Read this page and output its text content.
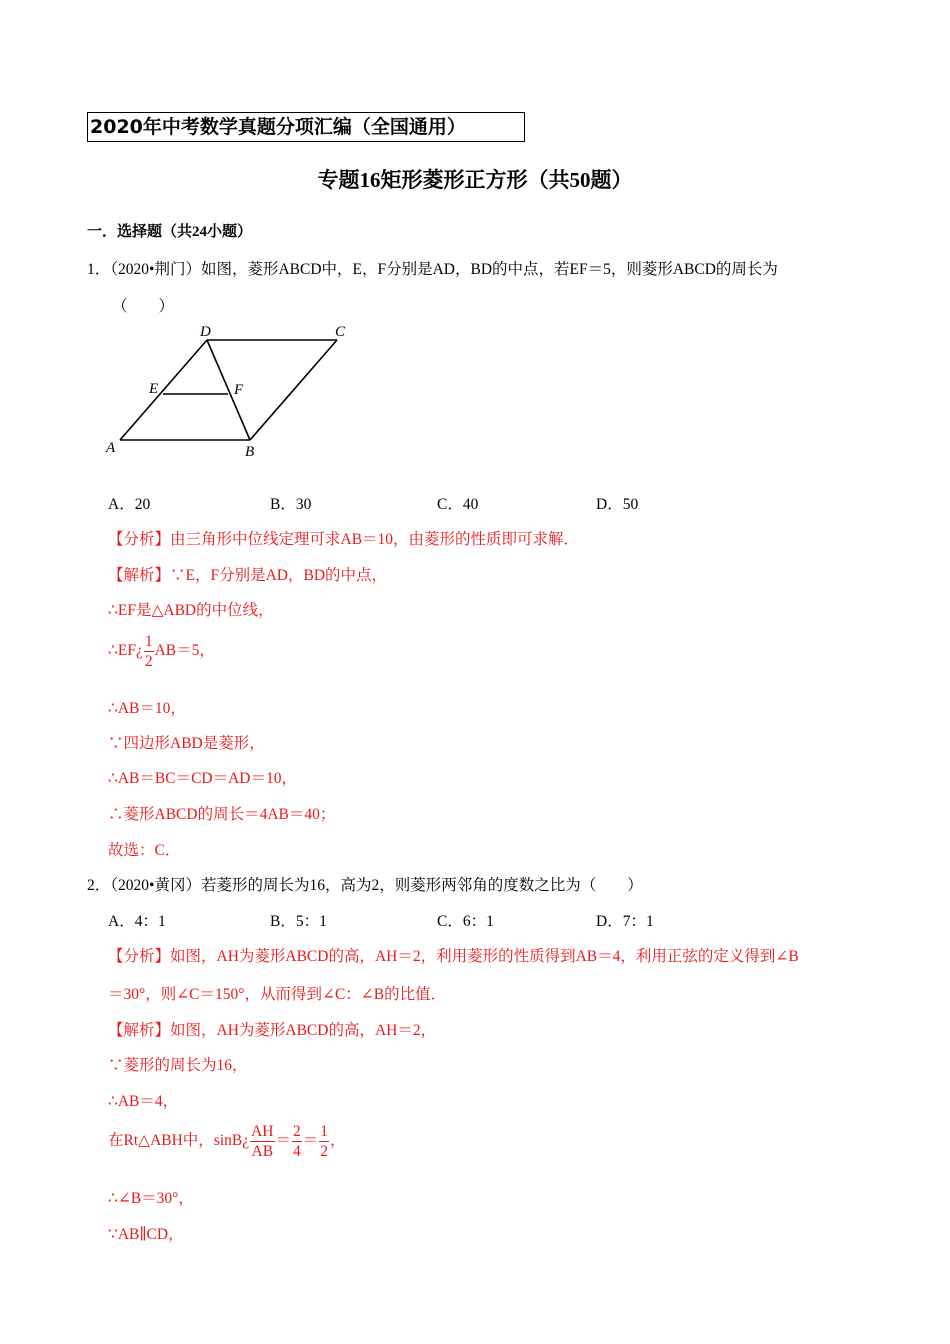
2020年中考数学真题分项汇编（全国通用）
专题16矩形菱形正方形（共50题）
一．选择题（共24小题）
1．（2020•荆门）如图，菱形ABCD中，E，F分别是AD，BD的中点，若EF＝5，则菱形ABCD的周长为
（　　）
A	B
C
D
E	F
A．20	B．30	C．40	D．50
【分析】由三角形中位线定理可求AB＝10，由菱形的性质即可求解．
【解析】∵E，F分别是AD，BD的中点，
∴EF是△ABD的中位线，
∴EF¿ $\frac{1}{2} AB=5$，
∴AB＝10，
∵四边形ABD是菱形，
∴AB＝BC＝CD＝AD＝10，
∴菱形ABCD的周长＝4AB＝40；
故选：C．
2．（2020•黄冈）若菱形的周长为16，高为2，则菱形两邻角的度数之比为（　　）
A．4：1	B．5：1	C．6：1	D．7：1
【分析】如图，AH为菱形ABCD的高，AH＝2，利用菱形的性质得到AB＝4，利用正弦的定义得到∠B
＝30°，则∠C＝150°，从而得到∠C：∠B的比值．
【解析】如图，AH为菱形ABCD的高，AH＝2，
∵菱形的周长为16，
∴AB＝4，
在Rt△ABH中，sinB¿ $\frac{AH}{AB} = \frac{2}{4} = \frac{1}{2}$ ，
∴∠B＝30°，
∵AB∥CD，
